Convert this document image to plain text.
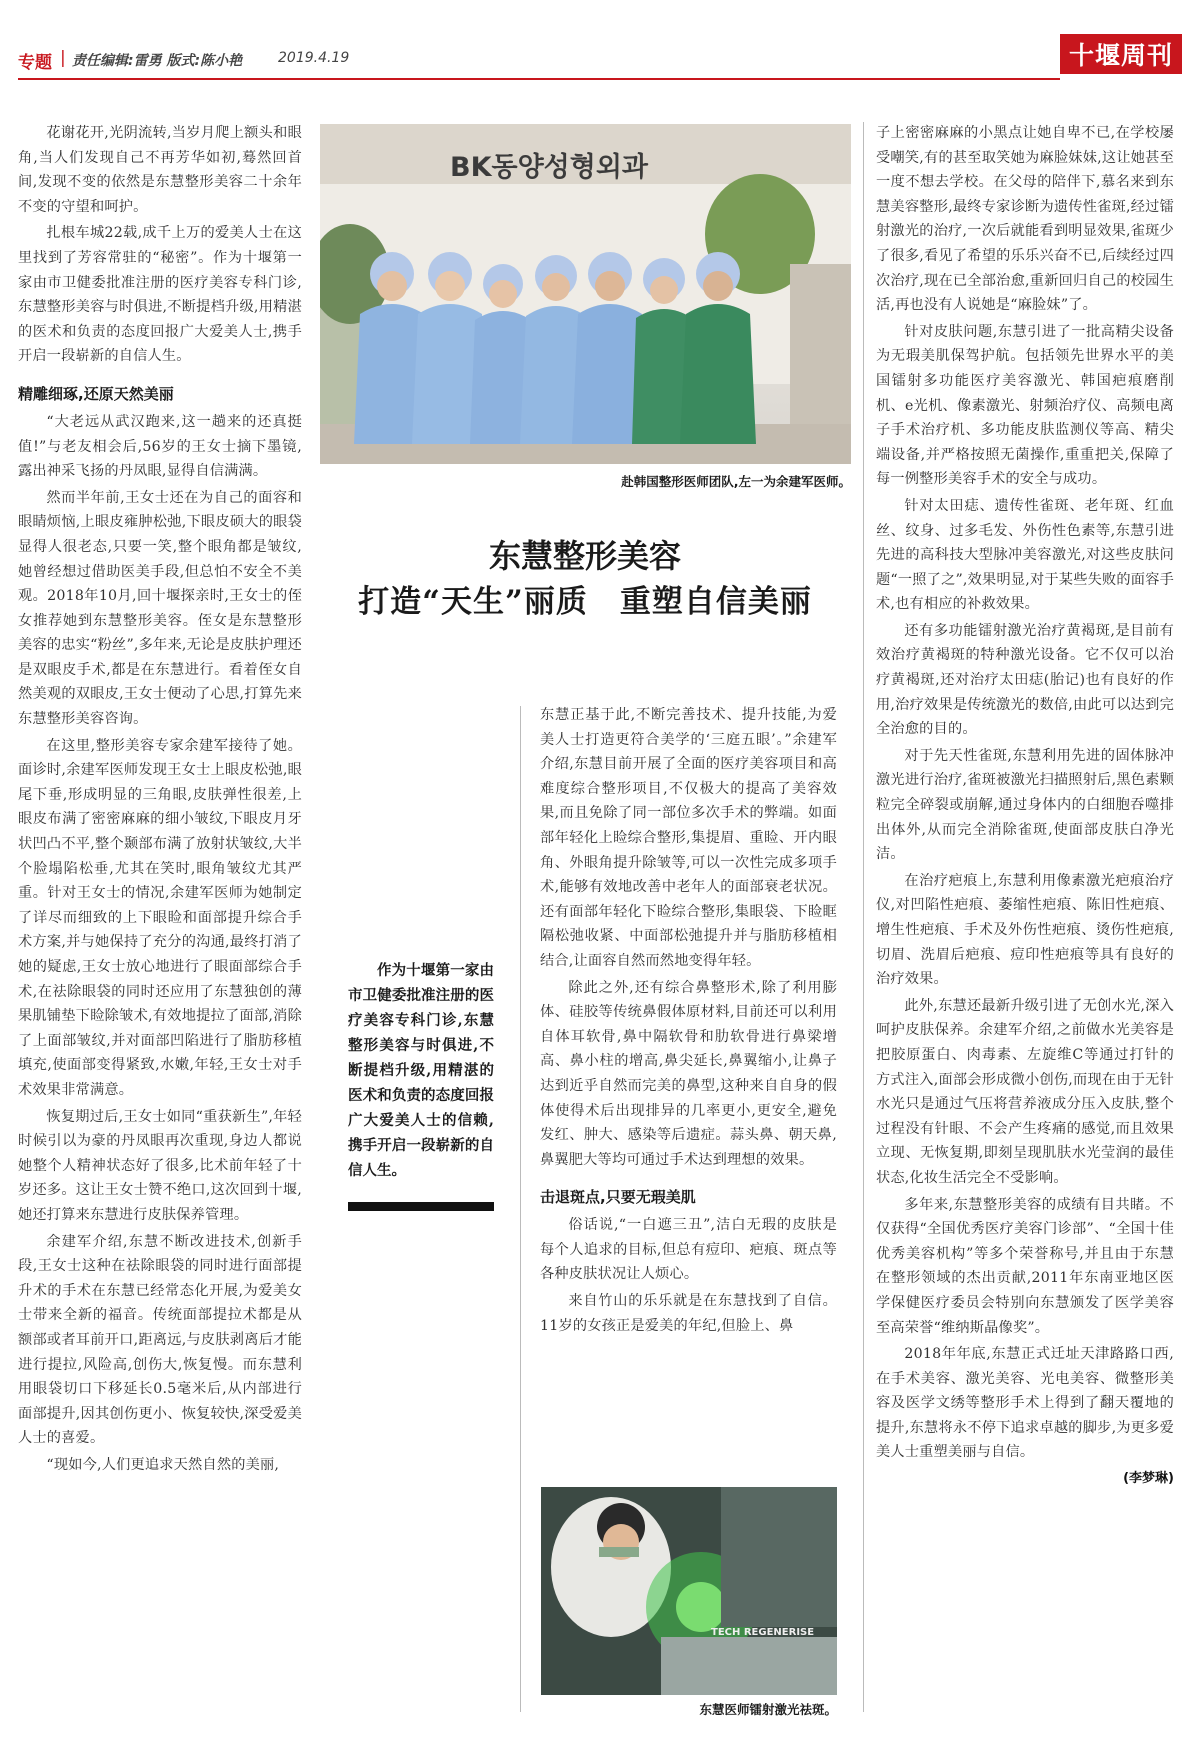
专题 | 责任编辑:雷勇 版式:陈小艳	2019.4.19	十堰周刊

花谢花开,光阴流转,当岁月爬上额头和眼角,当人们发现自己不再芳华如初,蓦然回首间,发现不变的依然是东慧整形美容二十余年不变的守望和呵护。

扎根车城22载,成千上万的爱美人士在这里找到了芳容常驻的“秘密”。作为十堰第一家由市卫健委批准注册的医疗美容专科门诊,东慧整形美容与时俱进,不断提档升级,用精湛的医术和负责的态度回报广大爱美人士,携手开启一段崭新的自信人生。

精雕细琢,还原天然美丽

“大老远从武汉跑来,这一趟来的还真挺值!”与老友相会后,56岁的王女士摘下墨镜,露出神采飞扬的丹凤眼,显得自信满满。

然而半年前,王女士还在为自己的面容和眼睛烦恼,上眼皮雍肿松弛,下眼皮硕大的眼袋显得人很老态,只要一笑,整个眼角都是皱纹,她曾经想过借助医美手段,但总怕不安全不美观。2018年10月,回十堰探亲时,王女士的侄女推荐她到东慧整形美容。侄女是东慧整形美容的忠实“粉丝”,多年来,无论是皮肤护理还是双眼皮手术,都是在东慧进行。看着侄女自然美观的双眼皮,王女士便动了心思,打算先来东慧整形美容咨询。

在这里,整形美容专家余建军接待了她。面诊时,余建军医师发现王女士上眼皮松弛,眼尾下垂,形成明显的三角眼,皮肤弹性很差,上眼皮布满了密密麻麻的细小皱纹,下眼皮月牙状凹凸不平,整个颞部布满了放射状皱纹,大半个脸塌陷松垂,尤其在笑时,眼角皱纹尤其严重。针对王女士的情况,余建军医师为她制定了详尽而细致的上下眼睑和面部提升综合手术方案,并与她保持了充分的沟通,最终打消了她的疑虑,王女士放心地进行了眼面部综合手术,在祛除眼袋的同时还应用了东慧独创的薄果肌铺垫下睑除皱术,有效地提拉了面部,消除了上面部皱纹,并对面部凹陷进行了脂肪移植填充,使面部变得紧致,水嫩,年轻,王女士对手术效果非常满意。

恢复期过后,王女士如同“重获新生”,年轻时候引以为豪的丹凤眼再次重现,身边人都说她整个人精神状态好了很多,比术前年轻了十岁还多。这让王女士赞不绝口,这次回到十堰,她还打算来东慧进行皮肤保养管理。

余建军介绍,东慧不断改进技术,创新手段,王女士这种在祛除眼袋的同时进行面部提升术的手术在东慧已经常态化开展,为爱美女士带来全新的福音。传统面部提拉术都是从额部或者耳前开口,距离远,与皮肤剥离后才能进行提拉,风险高,创伤大,恢复慢。而东慧利用眼袋切口下移延长0.5毫米后,从内部进行面部提升,因其创伤更小、恢复较快,深受爱美人士的喜爱。

“现如今,人们更追求天然自然的美丽,

BK동양성형외과
赴韩国整形医师团队,左一为余建军医师。
东慧整形美容
打造“天生”丽质　重塑自信美丽
作为十堰第一家由市卫健委批准注册的医疗美容专科门诊,东慧整形美容与时俱进,不断提档升级,用精湛的医术和负责的态度回报广大爱美人士的信赖,携手开启一段崭新的自信人生。

东慧正基于此,不断完善技术、提升技能,为爱美人士打造更符合美学的‘三庭五眼’。”余建军介绍,东慧目前开展了全面的医疗美容项目和高难度综合整形项目,不仅极大的提高了美容效果,而且免除了同一部位多次手术的弊端。如面部年轻化上睑综合整形,集提眉、重睑、开内眼角、外眼角提升除皱等,可以一次性完成多项手术,能够有效地改善中老年人的面部衰老状况。还有面部年轻化下睑综合整形,集眼袋、下睑眶隔松弛收紧、中面部松弛提升并与脂肪移植相结合,让面容自然而然地变得年轻。

除此之外,还有综合鼻整形术,除了利用膨体、硅胶等传统鼻假体原材料,目前还可以利用自体耳软骨,鼻中隔软骨和肋软骨进行鼻梁增高、鼻小柱的增高,鼻尖延长,鼻翼缩小,让鼻子达到近乎自然而完美的鼻型,这种来自自身的假体使得术后出现排异的几率更小,更安全,避免发红、肿大、感染等后遗症。蒜头鼻、朝天鼻,鼻翼肥大等均可通过手术达到理想的效果。

击退斑点,只要无瑕美肌

俗话说,“一白遮三丑”,洁白无瑕的皮肤是每个人追求的目标,但总有痘印、疤痕、斑点等各种皮肤状况让人烦心。

来自竹山的乐乐就是在东慧找到了自信。11岁的女孩正是爱美的年纪,但脸上、鼻

TECH REGENERISE
东慧医师镭射激光祛斑。

子上密密麻麻的小黑点让她自卑不已,在学校屡受嘲笑,有的甚至取笑她为麻脸妹妹,这让她甚至一度不想去学校。在父母的陪伴下,慕名来到东慧美容整形,最终专家诊断为遗传性雀斑,经过镭射激光的治疗,一次后就能看到明显效果,雀斑少了很多,看见了希望的乐乐兴奋不已,后续经过四次治疗,现在已全部治愈,重新回归自己的校园生活,再也没有人说她是“麻脸妹”了。

针对皮肤问题,东慧引进了一批高精尖设备为无瑕美肌保驾护航。包括领先世界水平的美国镭射多功能医疗美容激光、韩国疤痕磨削机、e光机、像素激光、射频治疗仪、高频电离子手术治疗机、多功能皮肤监测仪等高、精尖端设备,并严格按照无菌操作,重重把关,保障了每一例整形美容手术的安全与成功。

针对太田痣、遗传性雀斑、老年斑、红血丝、纹身、过多毛发、外伤性色素等,东慧引进先进的高科技大型脉冲美容激光,对这些皮肤问题“一照了之”,效果明显,对于某些失败的面容手术,也有相应的补救效果。

还有多功能镭射激光治疗黄褐斑,是目前有效治疗黄褐斑的特种激光设备。它不仅可以治疗黄褐斑,还对治疗太田痣(胎记)也有良好的作用,治疗效果是传统激光的数倍,由此可以达到完全治愈的目的。

对于先天性雀斑,东慧利用先进的固体脉冲激光进行治疗,雀斑被激光扫描照射后,黑色素颗粒完全碎裂或崩解,通过身体内的白细胞吞噬排出体外,从而完全消除雀斑,使面部皮肤白净光洁。

在治疗疤痕上,东慧利用像素激光疤痕治疗仪,对凹陷性疤痕、萎缩性疤痕、陈旧性疤痕、增生性疤痕、手术及外伤性疤痕、烫伤性疤痕,切眉、洗眉后疤痕、痘印性疤痕等具有良好的治疗效果。

此外,东慧还最新升级引进了无创水光,深入呵护皮肤保养。余建军介绍,之前做水光美容是把胶原蛋白、肉毒素、左旋维C等通过打针的方式注入,面部会形成微小创伤,而现在由于无针水光只是通过气压将营养液成分压入皮肤,整个过程没有针眼、不会产生疼痛的感觉,而且效果立现、无恢复期,即刻呈现肌肤水光莹润的最佳状态,化妆生活完全不受影响。

多年来,东慧整形美容的成绩有目共睹。不仅获得“全国优秀医疗美容门诊部”、“全国十佳优秀美容机构”等多个荣誉称号,并且由于东慧在整形领域的杰出贡献,2011年东南亚地区医学保健医疗委员会特别向东慧颁发了医学美容至高荣誉“维纳斯晶像奖”。

2018年年底,东慧正式迁址天津路路口西,在手术美容、激光美容、光电美容、微整形美容及医学文绣等整形手术上得到了翻天覆地的提升,东慧将永不停下追求卓越的脚步,为更多爱美人士重塑美丽与自信。

(李梦琳)
